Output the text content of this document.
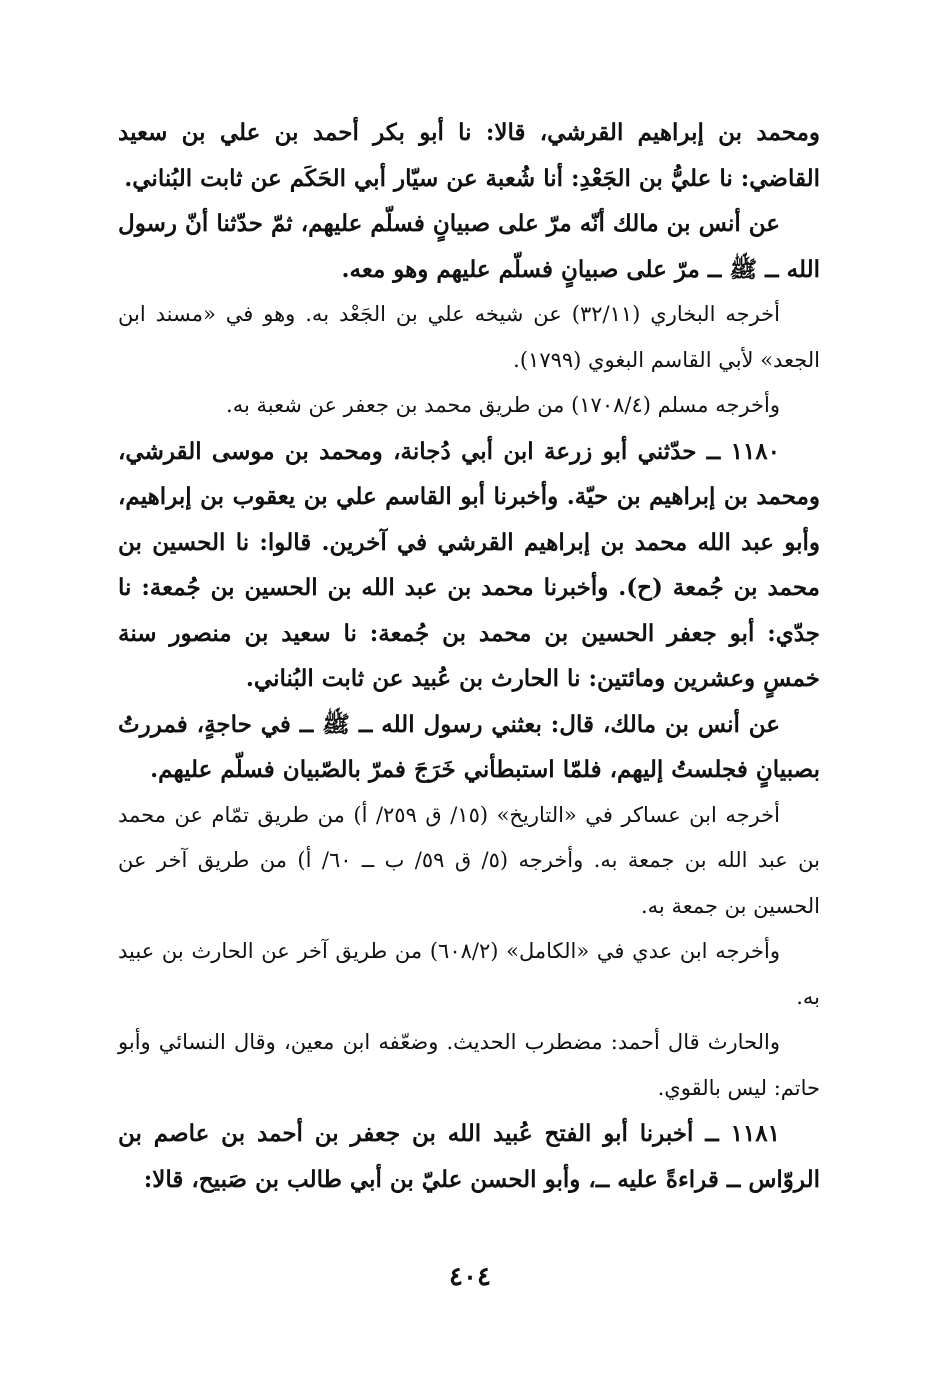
ومحمد بن إبراهيم القرشي، قالا: نا أبو بكر أحمد بن علي بن سعيد القاضي: نا عليُّ بن الجَعْدِ: أنا شُعبة عن سيّار أبي الحَكَم عن ثابت البُناني.

عن أنس بن مالك أنّه مرّ على صبيانٍ فسلّم عليهم، ثمّ حدّثنا أنّ رسول الله ــ ﷺ ــ مرّ على صبيانٍ فسلّم عليهم وهو معه.

أخرجه البخاري (٣٢/١١) عن شيخه علي بن الجَعْد به. وهو في «مسند ابن الجعد» لأبي القاسم البغوي (١٧٩٩).

وأخرجه مسلم (١٧٠٨/٤) من طريق محمد بن جعفر عن شعبة به.

١١٨٠ ــ حدّثني أبو زرعة ابن أبي دُجانة، ومحمد بن موسى القرشي، ومحمد بن إبراهيم بن حيّة. وأخبرنا أبو القاسم علي بن يعقوب بن إبراهيم، وأبو عبد الله محمد بن إبراهيم القرشي في آخرين. قالوا: نا الحسين بن محمد بن جُمعة (ح). وأخبرنا محمد بن عبد الله بن الحسين بن جُمعة: نا جدّي: أبو جعفر الحسين بن محمد بن جُمعة: نا سعيد بن منصور سنة خمسٍ وعشرين ومائتين: نا الحارث بن عُبيد عن ثابت البُناني.

عن أنس بن مالك، قال: بعثني رسول الله ــ ﷺ ــ في حاجةٍ، فمررتُ بصبيانٍ فجلستُ إليهم، فلمّا استبطأني خَرَجَ فمرّ بالصّبيان فسلّم عليهم.

أخرجه ابن عساكر في «التاريخ» (١٥/ ق ٢٥٩/ أ) من طريق تمّام عن محمد بن عبد الله بن جمعة به. وأخرجه (٥/ ق ٥٩/ ب ــ ٦٠/ أ) من طريق آخر عن الحسين بن جمعة به.

وأخرجه ابن عدي في «الكامل» (٦٠٨/٢) من طريق آخر عن الحارث بن عبيد به.

والحارث قال أحمد: مضطرب الحديث. وضعّفه ابن معين، وقال النسائي وأبو حاتم: ليس بالقوي.

١١٨١ ــ أخبرنا أبو الفتح عُبيد الله بن جعفر بن أحمد بن عاصم بن الروّاس ــ قراءةً عليه ــ، وأبو الحسن عليّ بن أبي طالب بن صَبيح، قالا:

٤٠٤
